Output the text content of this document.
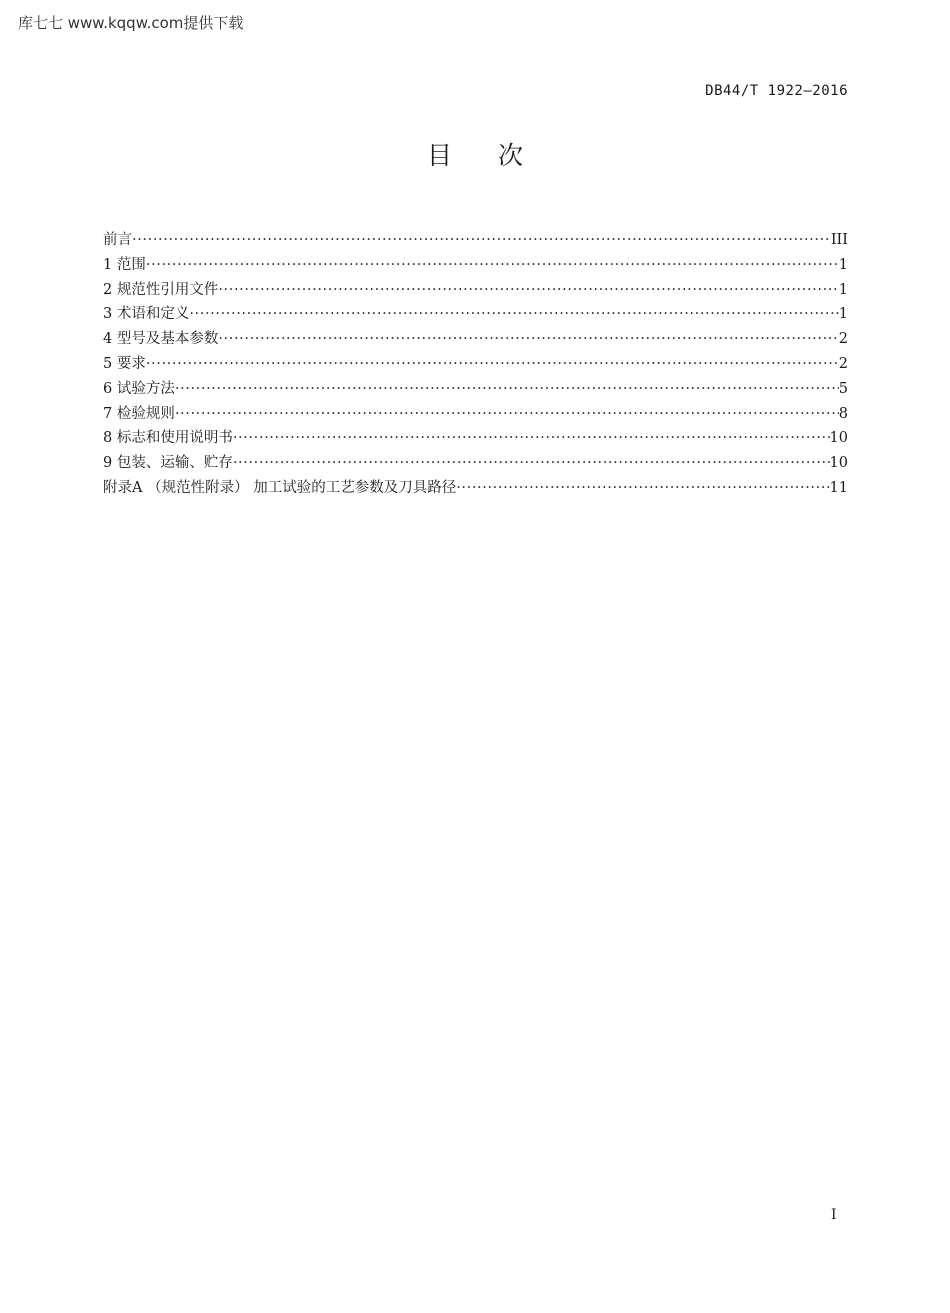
库七七 www.kqqw.com提供下载
DB44/T 1922—2016
目次
前言 ·····	III
1 范围 ·····	1
2 规范性引用文件 ·····	1
3 术语和定义 ·····	1
4 型号及基本参数 ·····	2
5 要求 ·····	2
6 试验方法 ·····	5
7 检验规则 ·····	8
8 标志和使用说明书 ·····	10
9 包装、运输、贮存 ·····	10
附录A （规范性附录） 加工试验的工艺参数及刀具路径 ·····	11
I
